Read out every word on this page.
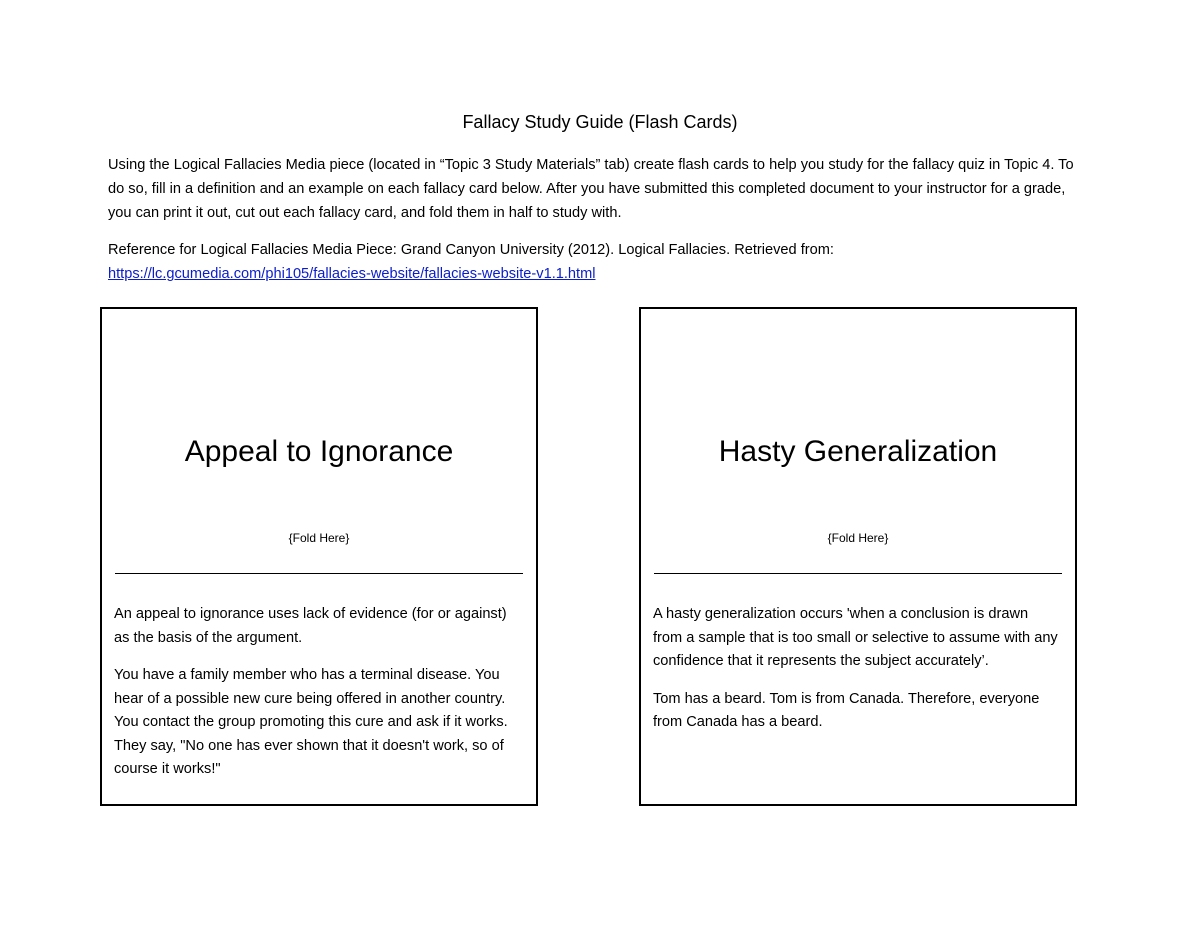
Fallacy Study Guide (Flash Cards)

Using the Logical Fallacies Media piece (located in “Topic 3 Study Materials” tab) create flash cards to help you study for the fallacy quiz in Topic 4. To do so, fill in a definition and an example on each fallacy card below. After you have submitted this completed document to your instructor for a grade, you can print it out, cut out each fallacy card, and fold them in half to study with.

Reference for Logical Fallacies Media Piece: Grand Canyon University (2012). Logical Fallacies. Retrieved from:
https://lc.gcumedia.com/phi105/fallacies-website/fallacies-website-v1.1.html

Appeal to Ignorance
{Fold Here}

An appeal to ignorance uses lack of evidence (for or against) as the basis of the argument.

You have a family member who has a terminal disease. You hear of a possible new cure being offered in another country. You contact the group promoting this cure and ask if it works. They say, "No one has ever shown that it doesn't work, so of course it works!"

Hasty Generalization
{Fold Here}

A hasty generalization occurs 'when a conclusion is drawn from a sample that is too small or selective to assume with any confidence that it represents the subject accurately’.

Tom has a beard. Tom is from Canada. Therefore, everyone from Canada has a beard.
